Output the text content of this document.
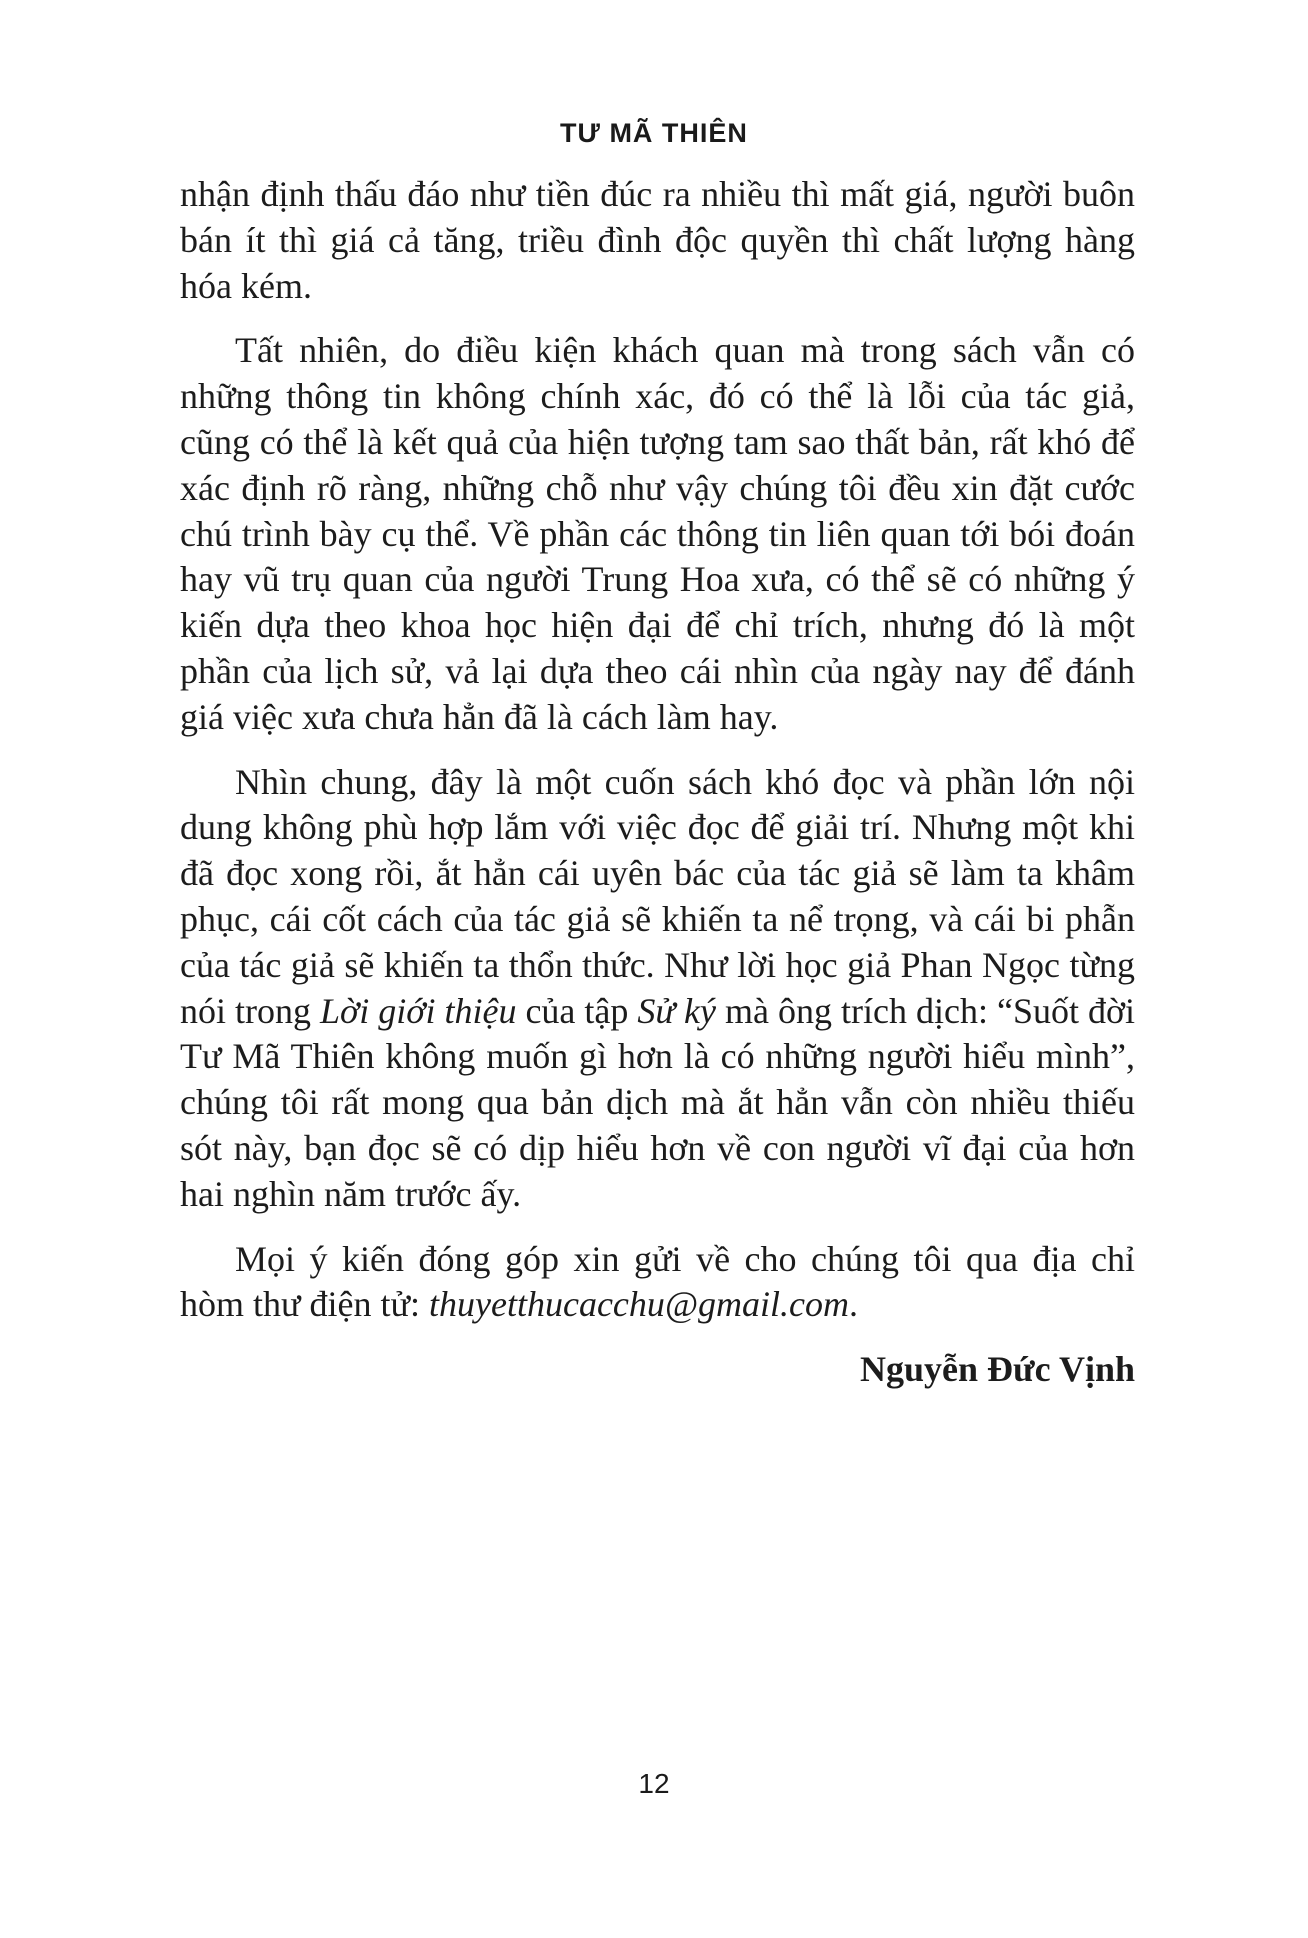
TƯ MÃ THIÊN

nhận định thấu đáo như tiền đúc ra nhiều thì mất giá, người buôn bán ít thì giá cả tăng, triều đình độc quyền thì chất lượng hàng hóa kém.

Tất nhiên, do điều kiện khách quan mà trong sách vẫn có những thông tin không chính xác, đó có thể là lỗi của tác giả, cũng có thể là kết quả của hiện tượng tam sao thất bản, rất khó để xác định rõ ràng, những chỗ như vậy chúng tôi đều xin đặt cước chú trình bày cụ thể. Về phần các thông tin liên quan tới bói đoán hay vũ trụ quan của người Trung Hoa xưa, có thể sẽ có những ý kiến dựa theo khoa học hiện đại để chỉ trích, nhưng đó là một phần của lịch sử, vả lại dựa theo cái nhìn của ngày nay để đánh giá việc xưa chưa hẳn đã là cách làm hay.

Nhìn chung, đây là một cuốn sách khó đọc và phần lớn nội dung không phù hợp lắm với việc đọc để giải trí. Nhưng một khi đã đọc xong rồi, ắt hẳn cái uyên bác của tác giả sẽ làm ta khâm phục, cái cốt cách của tác giả sẽ khiến ta nể trọng, và cái bi phẫn của tác giả sẽ khiến ta thổn thức. Như lời học giả Phan Ngọc từng nói trong Lời giới thiệu của tập Sử ký mà ông trích dịch: “Suốt đời Tư Mã Thiên không muốn gì hơn là có những người hiểu mình”, chúng tôi rất mong qua bản dịch mà ắt hẳn vẫn còn nhiều thiếu sót này, bạn đọc sẽ có dịp hiểu hơn về con người vĩ đại của hơn hai nghìn năm trước ấy.

Mọi ý kiến đóng góp xin gửi về cho chúng tôi qua địa chỉ hòm thư điện tử: thuyetthucacchu@gmail.com.

Nguyễn Đức Vịnh

12
